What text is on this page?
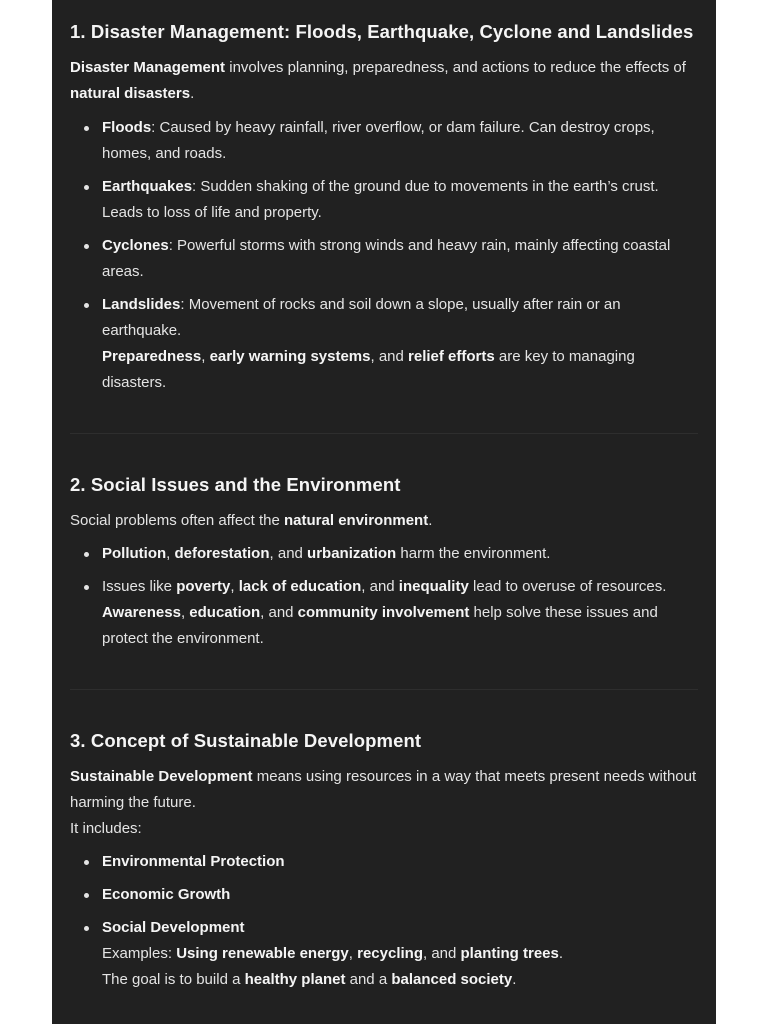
1. Disaster Management: Floods, Earthquake, Cyclone and Landslides

Disaster Management involves planning, preparedness, and actions to reduce the effects of natural disasters.

Floods: Caused by heavy rainfall, river overflow, or dam failure. Can destroy crops, homes, and roads.
Earthquakes: Sudden shaking of the ground due to movements in the earth’s crust. Leads to loss of life and property.
Cyclones: Powerful storms with strong winds and heavy rain, mainly affecting coastal areas.
Landslides: Movement of rocks and soil down a slope, usually after rain or an earthquake.
Preparedness, early warning systems, and relief efforts are key to managing disasters.
2. Social Issues and the Environment

Social problems often affect the natural environment.

Pollution, deforestation, and urbanization harm the environment.
Issues like poverty, lack of education, and inequality lead to overuse of resources.
Awareness, education, and community involvement help solve these issues and protect the environment.
3. Concept of Sustainable Development

Sustainable Development means using resources in a way that meets present needs without harming the future.
It includes:

Environmental Protection
Economic Growth
Social Development
Examples: Using renewable energy, recycling, and planting trees.
The goal is to build a healthy planet and a balanced society.
